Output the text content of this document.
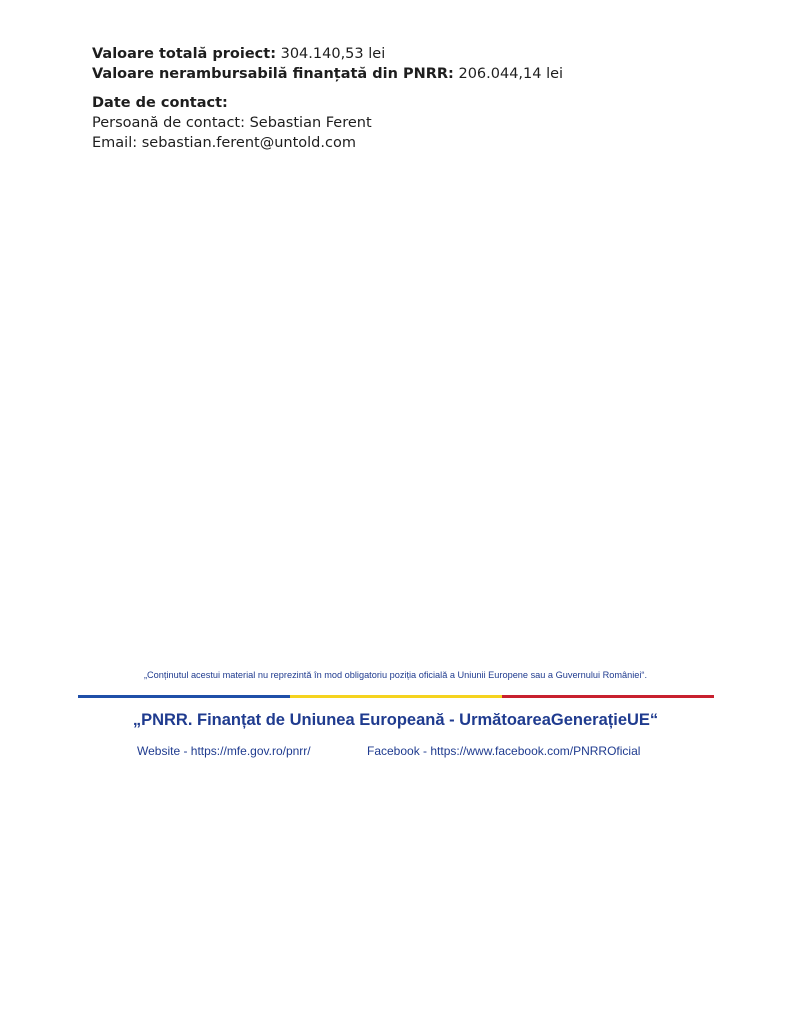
Valoare totală proiect: 304.140,53 lei
Valoare nerambursabilă finanțată din PNRR: 206.044,14 lei
Date de contact:
Persoană de contact: Sebastian Ferent
Email: sebastian.ferent@untold.com
„Conținutul acestui material nu reprezintă în mod obligatoriu poziția oficială a Uniunii Europene sau a Guvernului României“.
„PNRR. Finanțat de Uniunea Europeană - UrmătoareaGenerațieUE“
Website - https://mfe.gov.ro/pnrr/	Facebook - https://www.facebook.com/PNRROficial
